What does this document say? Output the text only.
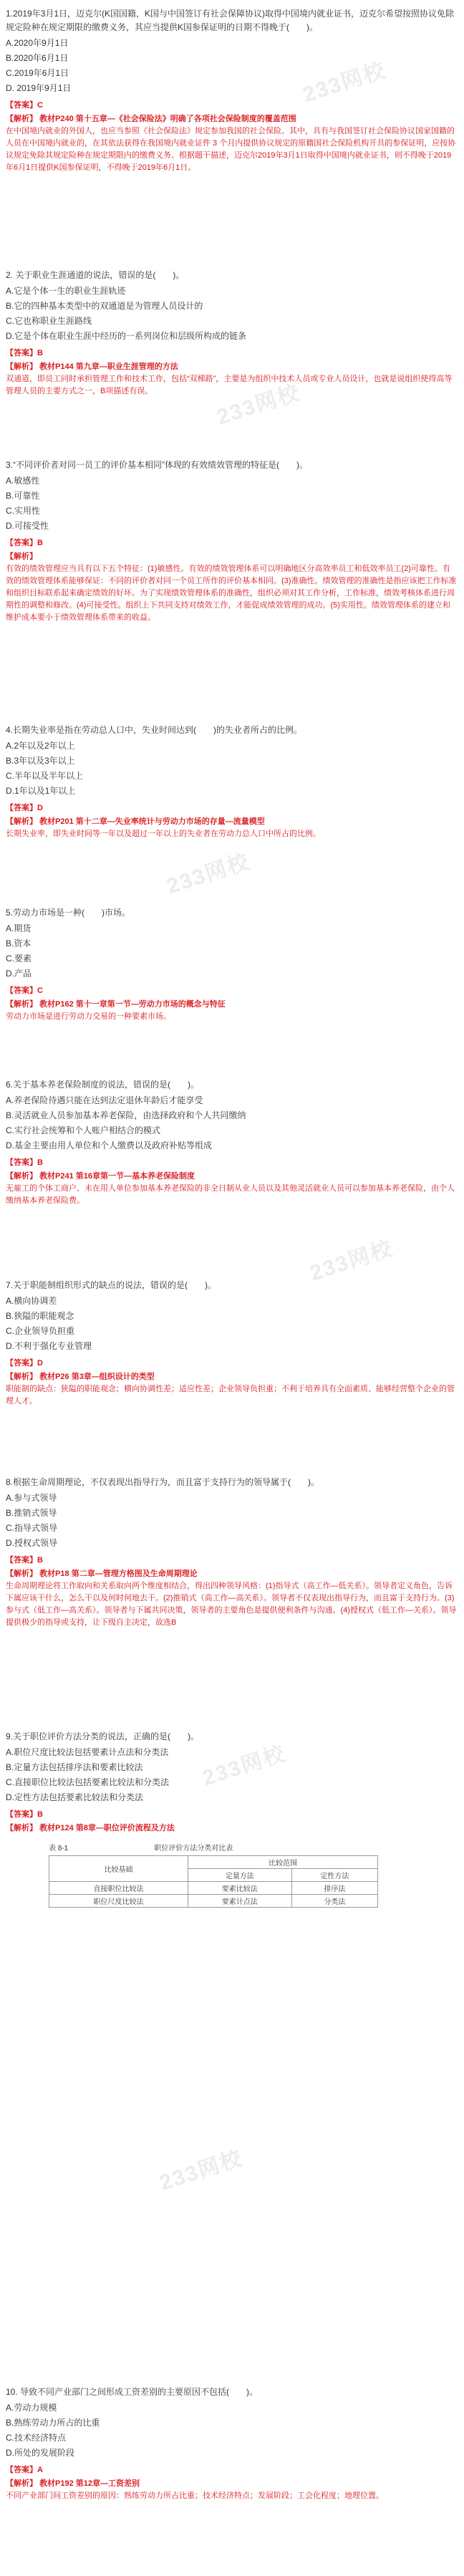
233网校
233网校
233网校
233网校
233网校
233网校

1.2019年3月1日，迈克尔(K国国籍，K国与中国签订有社会保障协议)取得中国境内就业证书，迈克尔希望按照协议免除规定险种在规定期限的缴费义务，其应当提供K国参保证明的日期不得晚于(　　)。

A.2020年9月1日

B.2020年6月1日

C.2019年6月1日

D. 2019年9月1日

【答案】C

【解析】 教材P240 第十五章—《社会保险法》明确了各项社会保险制度的覆盖范围
在中国境内就业的外国人，也应当参照《社会保险法》规定参加我国的社会保险。其中，具有与我国签订社会保险协议国家国籍的人员在中国境内就业的，在其依法获得在我国境内就业证件 3 个月内提供协议规定的原籍国社会保险机构开具的参保证明，应按协议规定免除其规定险种在规定期限内的缴费义务。根据题干描述，迈克尔2019年3月1日取得中国境内就业证书，则不得晚于2019年6月1日提供K国参保证明，不得晚于2019年6月1日。

2. 关于职业生涯通道的说法，错误的是(　　)。

A.它是个体一生的职业生涯轨迹

B.它的四种基本类型中的双通道是为管理人员设计的

C.它也称职业生涯路线

D.它是个体在职业生涯中经历的一系列岗位和层级所构成的链条

【答案】B

【解析】 教材P144 第九章—职业生涯管理的方法
双通道，即员工同时承担管理工作和技术工作，包括“双梯路”，主要是为组织中技术人员或专业人员设计，也就是说组织使得高等管理人员的主要方式之一，B项描述有误。

3.“不同评价者对同一员工的评价基本相同”体现的有效绩效管理的特征是(　　)。

A.敏感性

B.可靠性

C.实用性

D.可接受性

【答案】B

【解析】
有效的绩效管理应当具有以下五个特征：(1)敏感性。有效的绩效管理体系可以明确地区分高效率员工和低效率员工(2)可靠性。有效的绩效管理体系能够保证：不同的评价者对同一个员工所作的评价基本相同。(3)准确性。绩效管理的准确性是指应该把工作标准和组织目标联系起来确定绩效的好坏。为了实现绩效管理体系的准确性，组织必须对其工作分析，工作标准，绩效考核体系进行周期性的调整和修改。(4)可接受性。组织上下共同支持对绩效工作，才能促成绩效管理的成功。(5)实用性。绩效管理体系的建立和维护成本要小于绩效管理体系带来的收益。

4.长期失业率是指在劳动总人口中，失业时间达到(　　)的失业者所占的比例。

A.2年以及2年以上

B.3年以及3年以上

C.半年以及半年以上

D.1年以及1年以上

【答案】D

【解析】 教材P201 第十二章—失业率统计与劳动力市场的存量—流量模型
长期失业率，即失业时间等一年以及超过一年以上的失业者在劳动力总人口中所占的比例。

5.劳动力市场是一种(　　)市场。

A.期货

B.资本

C.要素

D.产品

【答案】C

【解析】 教材P162 第十一章第一节—劳动力市场的概念与特征
劳动力市场是进行劳动力交易的一种要素市场。

6.关于基本养老保险制度的说法，错误的是(　　)。

A.养老保险待遇只能在达到法定退休年龄后才能享受

B.灵活就业人员参加基本养老保险，由选择政府和个人共同缴纳

C.实行社会统筹和个人账户相结合的模式

D.基金主要由用人单位和个人缴费以及政府补贴等组成

【答案】B

【解析】 教材P241 第16章第一节—基本养老保险制度
无雇工的个体工商户、未在用人单位参加基本养老保险的非全日制从业人员以及其他灵活就业人员可以参加基本养老保险，由个人缴纳基本养老保险费。

7.关于职能制组织形式的缺点的说法，错误的是(　　)。

A.横向协调差

B.狭隘的职能观念

C.企业领导负担重

D.不利于强化专业管理

【答案】D

【解析】 教材P26 第3章—组织设计的类型
职能制的缺点：狭隘的职能观念；横向协调性差；适应性差；企业领导负担重；不利于培养具有全面素质、能够经营整个企业的管理人才。

8.根据生命周期理论，不仅表现出指导行为，而且富于支持行为的领导属于(　　)。

A.参与式领导

B.推销式领导

C.指导式领导

D.授权式领导

【答案】B

【解析】 教材P18 第二章—管理方格图及生命周期理论
生命周期理论将工作取向和关系取向两个维度相结合，得出四种领导风格：(1)指导式（高工作—低关系）。领导者定义角色，告诉下属应该干什么，怎么干以及何时何地去干。(2)推销式（高工作—高关系）。领导者不仅表现出指导行为，而且富于支持行为。(3)参与式（低工作—高关系）。领导者与下属共同决策，领导者的主要角色是提供便利条件与沟通。(4)授权式（低工作—关系）。领导提供极少的指导或支持，让下级自主决定，故选B

9.关于职位评价方法分类的说法，正确的是(　　)。

A.职位尺度比较法包括要素计点法和分类法

B.定量方法包括排序法和要素比较法

C.直接职位比较法包括要素比较法和分类法

D.定性方法包括要素比较法和分类法

【答案】B

【解析】 教材P124 第8章—职位评价流程及方法

表 8-1	职位评价方法分类对比表
比较基础	比较范围	
	定量方法	定性方法
直接职位比较法	要素比较法	排序法
职位尺度比较法	要素计点法	分类法

10. 导致不同产业部门之间形成工资差别的主要原因不包括(　　)。

A.劳动力规模

B.熟练劳动力所占的比重

C.技术经济特点

D.所处的发展阶段

【答案】A

【解析】 教材P192 第12章—工资差别
不同产业部门间工资差别的原因：熟练劳动力所占比重；技术经济特点；发展阶段；工会化程度；地理位置。
